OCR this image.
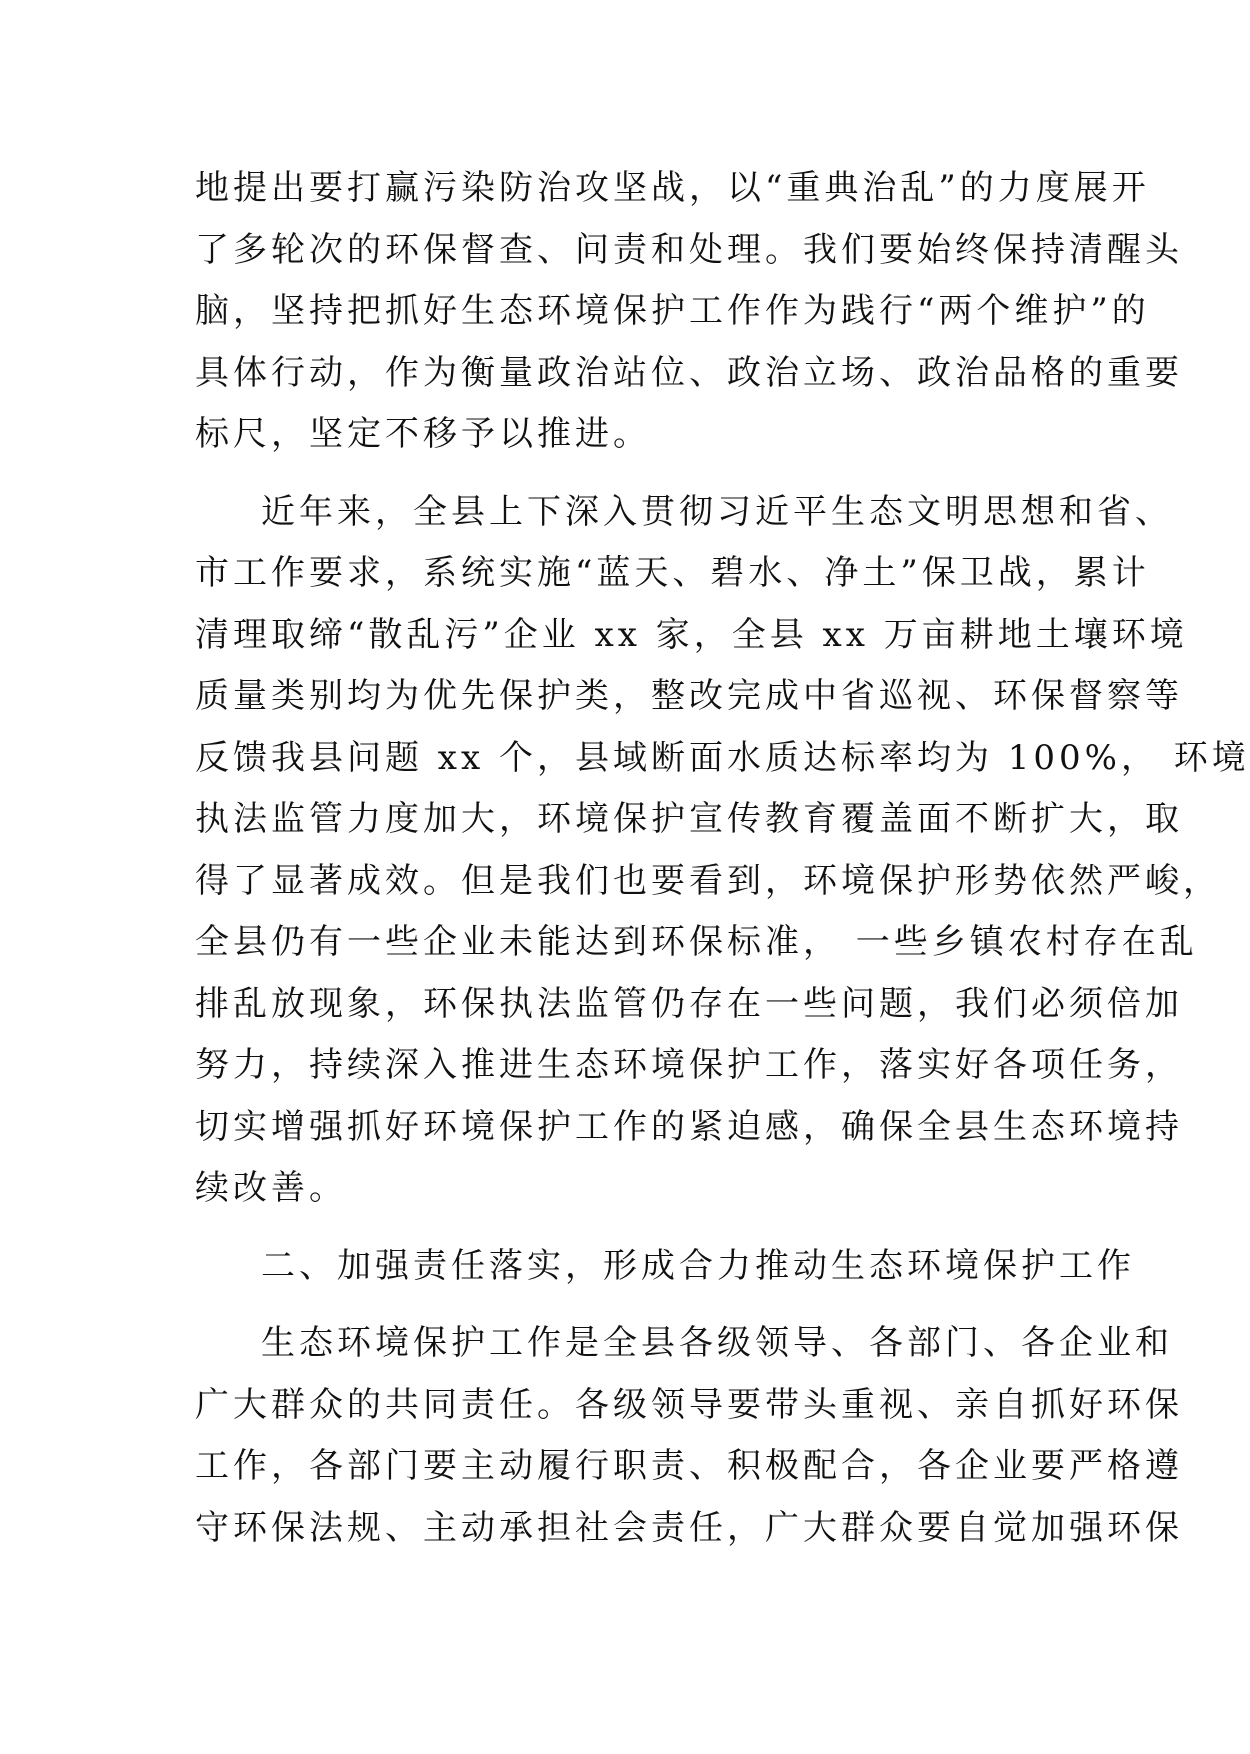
地提出要打赢污染防治攻坚战，以“重典治乱”的力度展开
了多轮次的环保督查、问责和处理。我们要始终保持清醒头
脑，坚持把抓好生态环境保护工作作为践行“两个维护”的
具体行动，作为衡量政治站位、政治立场、政治品格的重要
标尺，坚定不移予以推进。
近年来，全县上下深入贯彻习近平生态文明思想和省、
市工作要求，系统实施“蓝天、碧水、净土”保卫战，累计
清理取缔“散乱污”企业 xx 家，全县 xx 万亩耕地土壤环境
质量类别均为优先保护类，整改完成中省巡视、环保督察等
反馈我县问题 xx 个，县域断面水质达标率均为 100%， 环境
执法监管力度加大，环境保护宣传教育覆盖面不断扩大，取
得了显著成效。但是我们也要看到，环境保护形势依然严峻，
全县仍有一些企业未能达到环保标准， 一些乡镇农村存在乱
排乱放现象，环保执法监管仍存在一些问题，我们必须倍加
努力，持续深入推进生态环境保护工作，落实好各项任务，
切实增强抓好环境保护工作的紧迫感，确保全县生态环境持
续改善。
二、加强责任落实，形成合力推动生态环境保护工作
生态环境保护工作是全县各级领导、各部门、各企业和
广大群众的共同责任。各级领导要带头重视、亲自抓好环保
工作，各部门要主动履行职责、积极配合，各企业要严格遵
守环保法规、主动承担社会责任，广大群众要自觉加强环保
